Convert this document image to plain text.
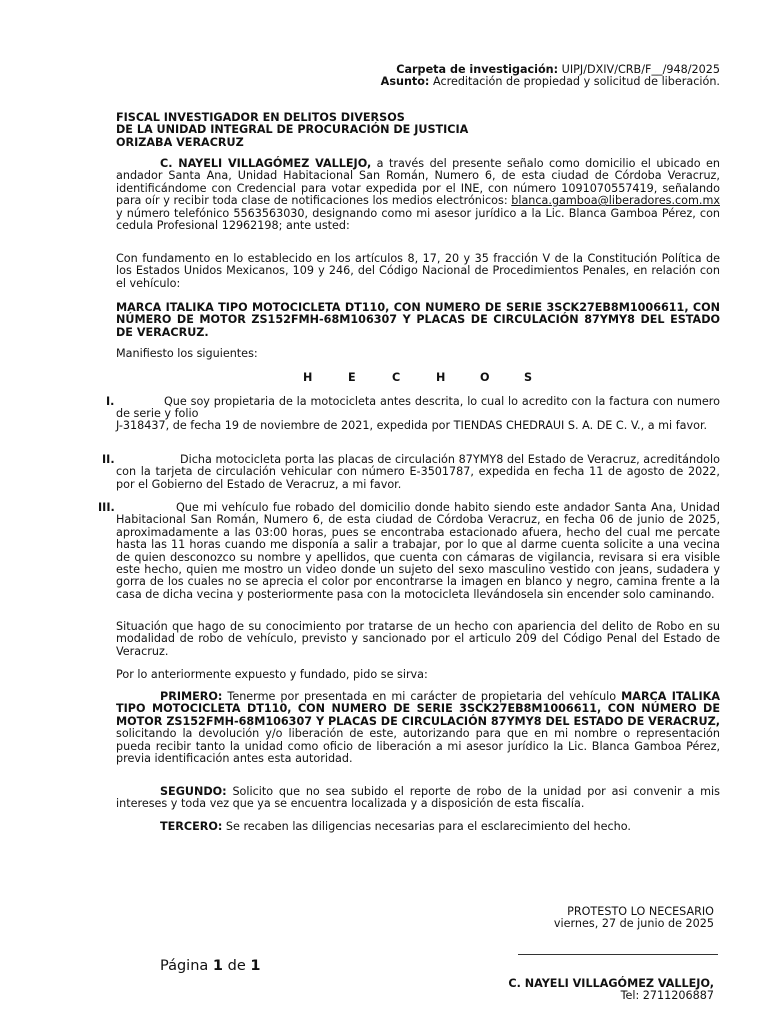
Carpeta de investigación: UIPJ/DXIV/CRB/F__/948/2025
Asunto: Acreditación de propiedad y solicitud de liberación.
FISCAL INVESTIGADOR EN DELITOS DIVERSOS
DE LA UNIDAD INTEGRAL DE PROCURACIÓN DE JUSTICIA
ORIZABA VERACRUZ
C. NAYELI VILLAGÓMEZ VALLEJO, a través del presente señalo como domicilio el ubicado en andador Santa Ana, Unidad Habitacional San Román, Numero 6, de esta ciudad de Córdoba Veracruz, identificándome con Credencial para votar expedida por el INE, con número 1091070557419, señalando para oír y recibir toda clase de notificaciones los medios electrónicos: blanca.gamboa@liberadores.com.mx y número telefónico 5563563030, designando como mi asesor jurídico a la Lic. Blanca Gamboa Pérez, con cedula Profesional 12962198; ante usted:
Con fundamento en lo establecido en los artículos 8, 17, 20 y 35 fracción V de la Constitución Política de los Estados Unidos Mexicanos, 109 y 246, del Código Nacional de Procedimientos Penales, en relación con el vehículo:
MARCA ITALIKA TIPO MOTOCICLETA DT110, CON NUMERO DE SERIE 3SCK27EB8M1006611, CON NÚMERO DE MOTOR ZS152FMH-68M106307 Y PLACAS DE CIRCULACIÓN 87YMY8 DEL ESTADO DE VERACRUZ.
Manifiesto los siguientes:
H	E	C	H	O	S
I.	Que soy propietaria de la motocicleta antes descrita, lo cual lo acredito con la factura con numero de serie y folio
J-318437, de fecha 19 de noviembre de 2021, expedida por TIENDAS CHEDRAUI S. A. DE C. V., a mi favor.
II.	Dicha motocicleta porta las placas de circulación 87YMY8 del Estado de Veracruz, acreditándolo con la tarjeta de circulación vehicular con número E-3501787, expedida en fecha 11 de agosto de 2022, por el Gobierno del Estado de Veracruz, a mi favor.
III.	Que mi vehículo fue robado del domicilio donde habito siendo este andador Santa Ana, Unidad Habitacional San Román, Numero 6, de esta ciudad de Córdoba Veracruz, en fecha 06 de junio de 2025, aproximadamente a las 03:00 horas, pues se encontraba estacionado afuera, hecho del cual me percate hasta las 11 horas cuando me disponía a salir a trabajar, por lo que al darme cuenta solicite a una vecina de quien desconozco su nombre y apellidos, que cuenta con cámaras de vigilancia, revisara si era visible este hecho, quien me mostro un video donde un sujeto del sexo masculino vestido con jeans, sudadera y gorra de los cuales no se aprecia el color por encontrarse la imagen en blanco y negro, camina frente a la casa de dicha vecina y posteriormente pasa con la motocicleta llevándosela sin encender solo caminando.
Situación que hago de su conocimiento por tratarse de un hecho con apariencia del delito de Robo en su modalidad de robo de vehículo, previsto y sancionado por el articulo 209 del Código Penal del Estado de Veracruz.
Por lo anteriormente expuesto y fundado, pido se sirva:
PRIMERO: Tenerme por presentada en mi carácter de propietaria del vehículo MARCA ITALIKA TIPO MOTOCICLETA DT110, CON NUMERO DE SERIE 3SCK27EB8M1006611, CON NÚMERO DE MOTOR ZS152FMH-68M106307 Y PLACAS DE CIRCULACIÓN 87YMY8 DEL ESTADO DE VERACRUZ, solicitando la devolución y/o liberación de este, autorizando para que en mi nombre o representación pueda recibir tanto la unidad como oficio de liberación a mi asesor jurídico la Lic. Blanca Gamboa Pérez, previa identificación antes esta autoridad.
SEGUNDO: Solicito que no sea subido el reporte de robo de la unidad por asi convenir a mis intereses y toda vez que ya se encuentra localizada y a disposición de esta fiscalía.
TERCERO: Se recaben las diligencias necesarias para el esclarecimiento del hecho.
PROTESTO LO NECESARIO
viernes, 27 de junio de 2025
C. NAYELI VILLAGÓMEZ VALLEJO,
Tel: 2711206887
Página 1 de 1
